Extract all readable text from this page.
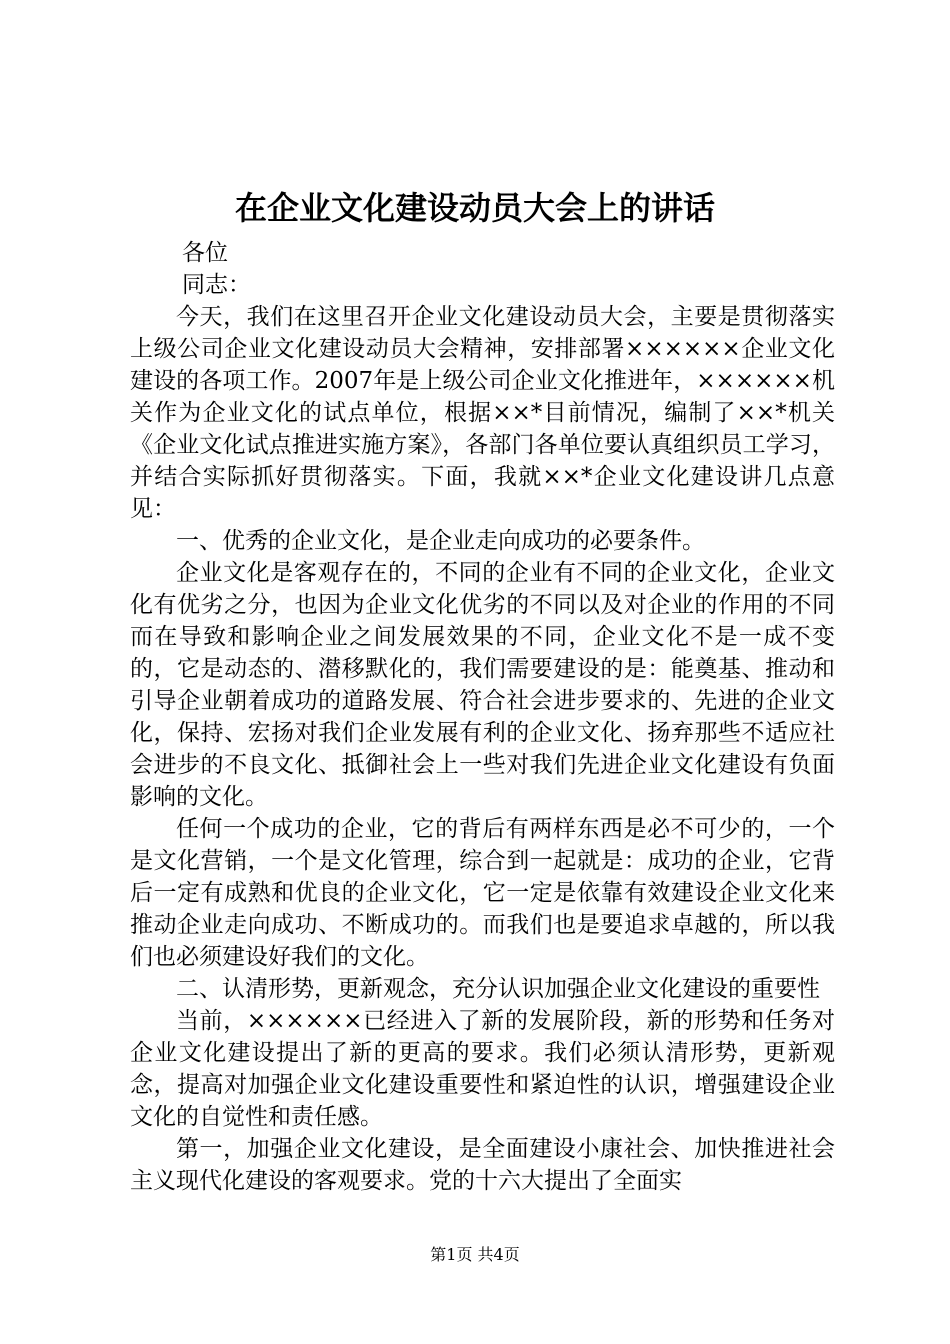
在企业文化建设动员大会上的讲话

各位

同志：

今天，我们在这里召开企业文化建设动员大会，主要是贯彻落实上级公司企业文化建设动员大会精神，安排部署××××××企业文化建设的各项工作。2007年是上级公司企业文化推进年，××××××机关作为企业文化的试点单位，根据××*目前情况，编制了××*机关《企业文化试点推进实施方案》，各部门各单位要认真组织员工学习，并结合实际抓好贯彻落实。下面，我就××*企业文化建设讲几点意见：

一、优秀的企业文化，是企业走向成功的必要条件。

企业文化是客观存在的，不同的企业有不同的企业文化，企业文化有优劣之分，也因为企业文化优劣的不同以及对企业的作用的不同而在导致和影响企业之间发展效果的不同，企业文化不是一成不变的，它是动态的、潜移默化的，我们需要建设的是：能奠基、推动和引导企业朝着成功的道路发展、符合社会进步要求的、先进的企业文化，保持、宏扬对我们企业发展有利的企业文化、扬弃那些不适应社会进步的不良文化、抵御社会上一些对我们先进企业文化建设有负面影响的文化。

任何一个成功的企业，它的背后有两样东西是必不可少的，一个是文化营销，一个是文化管理，综合到一起就是：成功的企业，它背后一定有成熟和优良的企业文化，它一定是依靠有效建设企业文化来推动企业走向成功、不断成功的。而我们也是要追求卓越的，所以我们也必须建设好我们的文化。

二、认清形势，更新观念，充分认识加强企业文化建设的重要性

当前，××××××已经进入了新的发展阶段，新的形势和任务对企业文化建设提出了新的更高的要求。我们必须认清形势，更新观念，提高对加强企业文化建设重要性和紧迫性的认识，增强建设企业文化的自觉性和责任感。

第一，加强企业文化建设，是全面建设小康社会、加快推进社会主义现代化建设的客观要求。党的十六大提出了全面实

第1页 共4页
